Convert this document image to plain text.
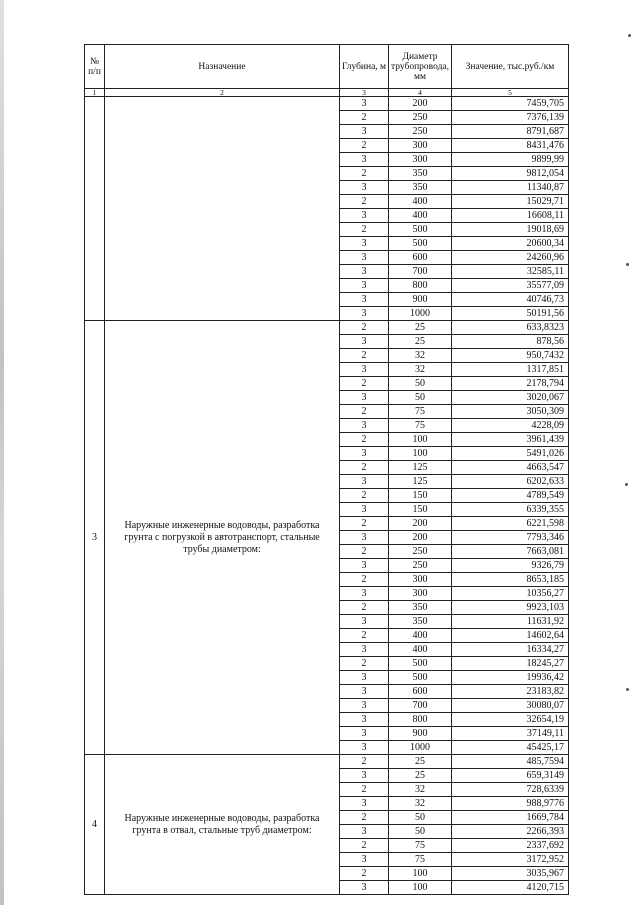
№ п/п	Назначение	Глубина, м	Диаметр трубопровода, мм	Значение, тыс.руб./км
1	2	3	4	5
		3	200	7459,705
		2	250	7376,139
		3	250	8791,687
		2	300	8431,476
		3	300	9899,99
		2	350	9812,054
		3	350	11340,87
		2	400	15029,71
		3	400	16608,11
		2	500	19018,69
		3	500	20600,34
		3	600	24260,96
		3	700	32585,11
		3	800	35577,09
		3	900	40746,73
		3	1000	50191,56
3	Наружные инженерные водоводы, разработка грунта с погрузкой в автотранспорт, стальные трубы диаметром:	2	25	633,8323
		3	25	878,56
		2	32	950,7432
		3	32	1317,851
		2	50	2178,794
		3	50	3020,067
		2	75	3050,309
		3	75	4228,09
		2	100	3961,439
		3	100	5491,026
		2	125	4663,547
		3	125	6202,633
		2	150	4789,549
		3	150	6339,355
		2	200	6221,598
		3	200	7793,346
		2	250	7663,081
		3	250	9326,79
		2	300	8653,185
		3	300	10356,27
		2	350	9923,103
		3	350	11631,92
		2	400	14602,64
		3	400	16334,27
		2	500	18245,27
		3	500	19936,42
		3	600	23183,82
		3	700	30080,07
		3	800	32654,19
		3	900	37149,11
		3	1000	45425,17
4	Наружные инженерные водоводы, разработка грунта в отвал, стальные труб диаметром:	2	25	485,7594
		3	25	659,3149
		2	32	728,6339
		3	32	988,9776
		2	50	1669,784
		3	50	2266,393
		2	75	2337,692
		3	75	3172,952
		2	100	3035,967
		3	100	4120,715
